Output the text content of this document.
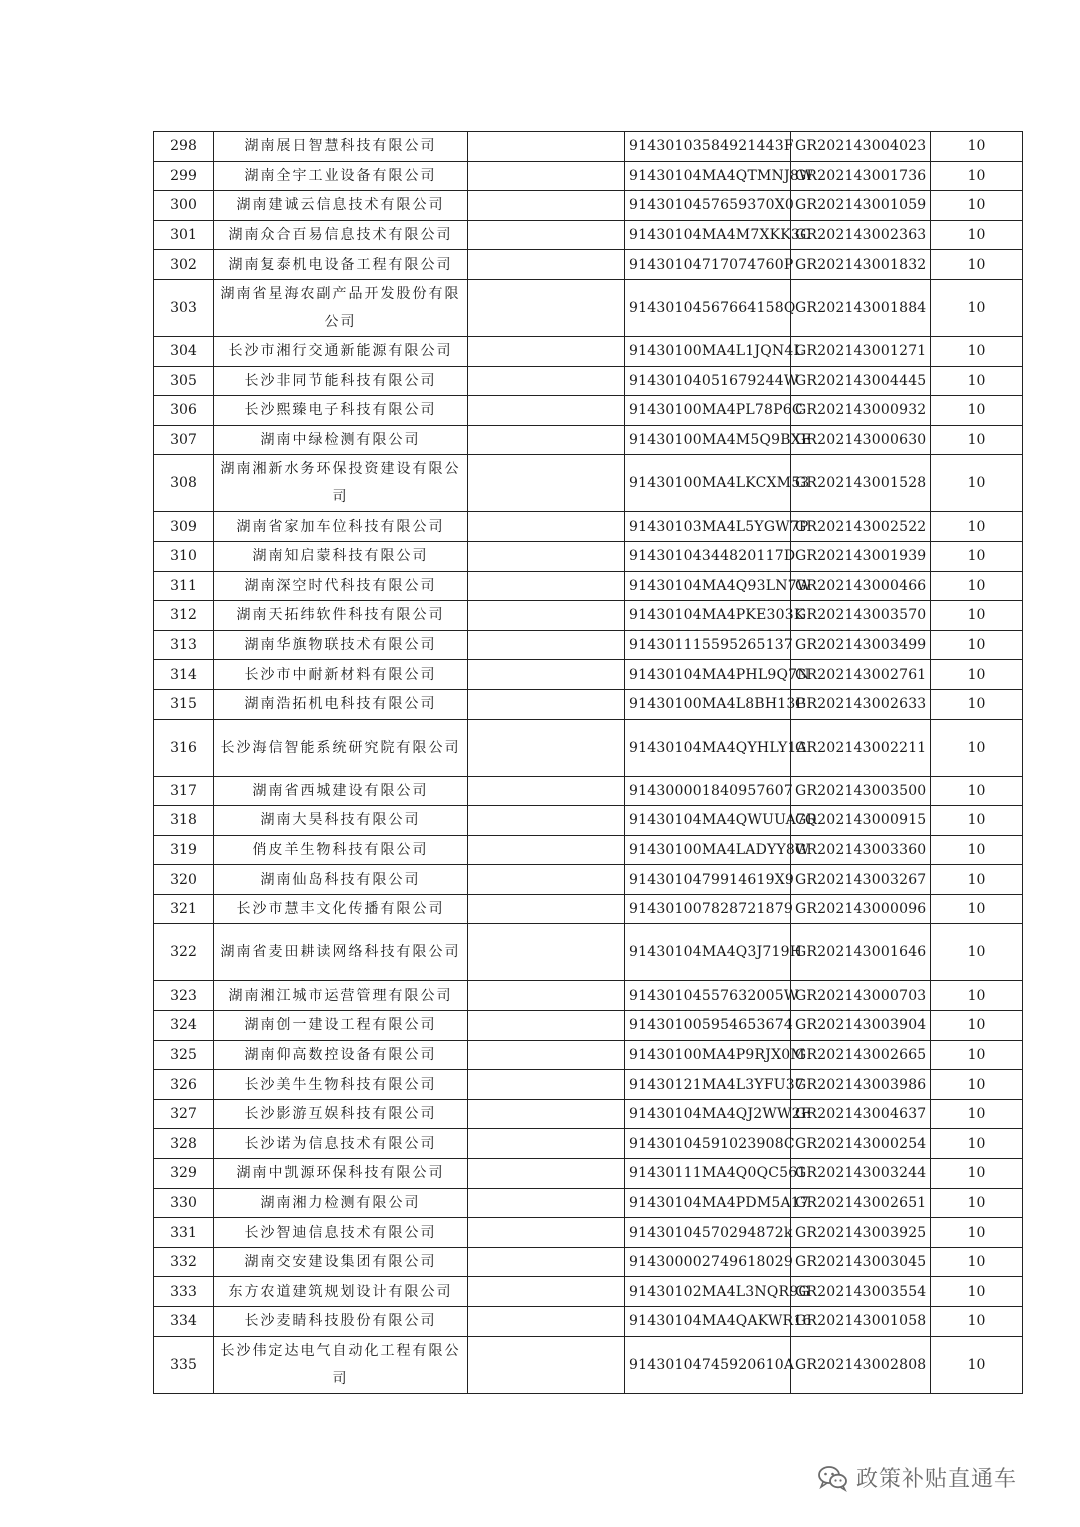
298	湖南展日智慧科技有限公司		91430103584921443F	GR202143004023	10
299	湖南全宇工业设备有限公司		91430104MA4QTMNJ8W	GR202143001736	10
300	湖南建诚云信息技术有限公司		9143010457659370X0	GR202143001059	10
301	湖南众合百易信息技术有限公司		91430104MA4M7XKK3C	GR202143002363	10
302	湖南复泰机电设备工程有限公司		91430104717074760P	GR202143001832	10
303	湖南省星海农副产品开发股份有限公司		91430104567664158Q	GR202143001884	10
304	长沙市湘行交通新能源有限公司		91430100MA4L1JQN4L	GR202143001271	10
305	长沙非同节能科技有限公司		91430104051679244W	GR202143004445	10
306	长沙熙臻电子科技有限公司		91430100MA4PL78P6C	GR202143000932	10
307	湖南中绿检测有限公司		91430100MA4M5Q9BXE	GR202143000630	10
308	湖南湘新水务环保投资建设有限公司		91430100MA4LKCXM53	GR202143001528	10
309	湖南省家加车位科技有限公司		91430103MA4L5YGW7P	GR202143002522	10
310	湖南知启蒙科技有限公司		91430104344820117D	GR202143001939	10
311	湖南深空时代科技有限公司		91430104MA4Q93LN7W	GR202143000466	10
312	湖南天拓纬软件科技有限公司		91430104MA4PKE303K	GR202143003570	10
313	湖南华旗物联技术有限公司		914301115595265137	GR202143003499	10
314	长沙市中耐新材料有限公司		91430104MA4PHL9Q7N	GR202143002761	10
315	湖南浩拓机电科技有限公司		91430100MA4L8BH13P	GR202143002633	10
316	长沙海信智能系统研究院有限公司		91430104MA4QYHLY1A	GR202143002211	10
317	湖南省西城建设有限公司		914300001840957607	GR202143003500	10
318	湖南大昊科技有限公司		91430104MA4QWUUA7Q	GR202143000915	10
319	俏皮羊生物科技有限公司		91430100MA4LADYY8W	GR202143003360	10
320	湖南仙岛科技有限公司		9143010479914619X9	GR202143003267	10
321	长沙市慧丰文化传播有限公司		914301007828721879	GR202143000096	10
322	湖南省麦田耕读网络科技有限公司		91430104MA4Q3J719H	GR202143001646	10
323	湖南湘江城市运营管理有限公司		91430104557632005W	GR202143000703	10
324	湖南创一建设工程有限公司		914301005954653674	GR202143003904	10
325	湖南仰高数控设备有限公司		91430100MA4P9RJX0M	GR202143002665	10
326	长沙美牛生物科技有限公司		91430121MA4L3YFU37	GR202143003986	10
327	长沙影游互娱科技有限公司		91430104MA4QJ2WW2F	GR202143004637	10
328	长沙诺为信息技术有限公司		91430104591023908C	GR202143000254	10
329	湖南中凯源环保科技有限公司		91430111MA4Q0QC561	GR202143003244	10
330	湖南湘力检测有限公司		91430104MA4PDM5A17	GR202143002651	10
331	长沙智迪信息技术有限公司		91430104570294872k	GR202143003925	10
332	湖南交安建设集团有限公司		914300002749618029	GR202143003045	10
333	东方农道建筑规划设计有限公司		91430102MA4L3NQR9G	GR202143003554	10
334	长沙麦睛科技股份有限公司		91430104MA4QAKWR16	GR202143001058	10
335	长沙伟定达电气自动化工程有限公司		91430104745920610A	GR202143002808	10
政策补贴直通车
